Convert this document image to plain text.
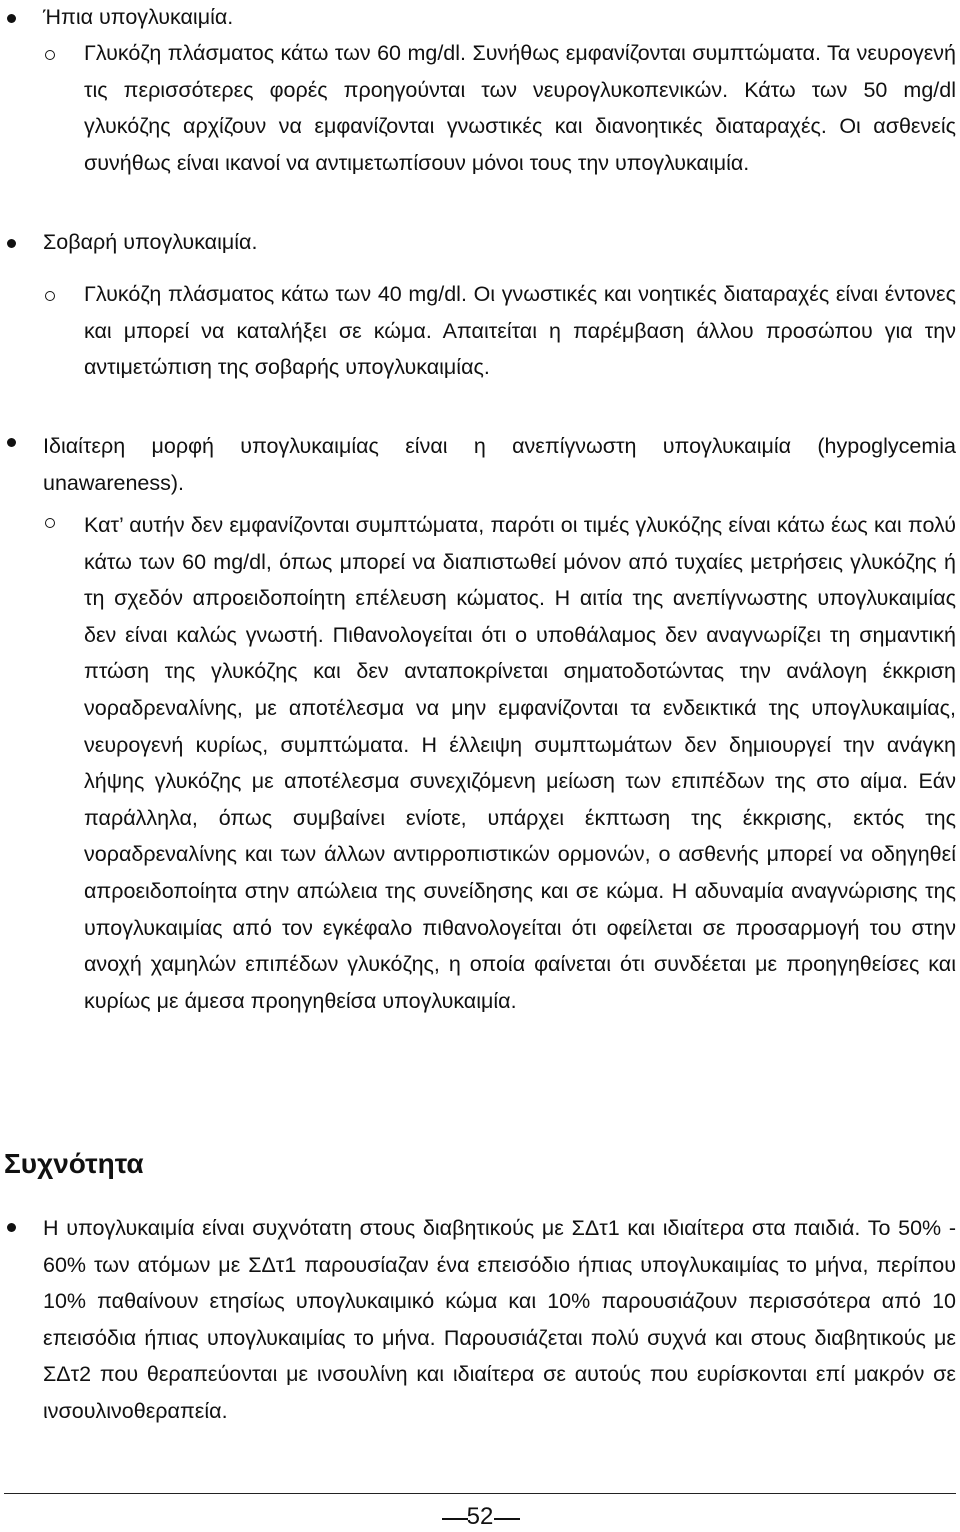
Ήπια υπογλυκαιμία.

Γλυκόζη πλάσματος κάτω των 60 mg/dl. Συνήθως εμφανίζονται συμπτώματα. Τα νευρογενή τις περισσότερες φορές προηγούνται των νευρογλυκοπενικών. Κάτω των 50 mg/dl γλυκόζης αρχίζουν να εμφανίζονται γνωστικές και διανοητικές διαταραχές. Οι ασθενείς συνήθως είναι ικανοί να αντιμετωπίσουν μόνοι τους την υπογλυκαιμία.

Σοβαρή υπογλυκαιμία.

Γλυκόζη πλάσματος κάτω των 40 mg/dl. Οι γνωστικές και νοητικές διαταραχές είναι έντονες και μπορεί να καταλήξει σε κώμα. Απαιτείται η παρέμβαση άλλου προσώπου για την αντιμετώπιση της σοβαρής υπογλυκαιμίας.

Ιδιαίτερη μορφή υπογλυκαιμίας είναι η ανεπίγνωστη υπογλυκαιμία (hypoglycemia unawareness).

Κατ’ αυτήν δεν εμφανίζονται συμπτώματα, παρότι οι τιμές γλυκόζης είναι κάτω έως και πολύ κάτω των 60 mg/dl, όπως μπορεί να διαπιστωθεί μόνον από τυχαίες μετρήσεις γλυκόζης ή τη σχεδόν απροειδοποίητη επέλευση κώματος. Η αιτία της ανεπίγνωστης υπογλυκαιμίας δεν είναι καλώς γνωστή. Πιθανολογείται ότι ο υποθάλαμος δεν αναγνωρίζει τη σημαντική πτώση της γλυκόζης και δεν ανταποκρίνεται σηματοδοτώντας την ανάλογη έκκριση νοραδρεναλίνης, με αποτέλεσμα να μην εμφανίζονται τα ενδεικτικά της υπογλυκαιμίας, νευρογενή κυρίως, συμπτώματα. Η έλλειψη συμπτωμάτων δεν δημιουργεί την ανάγκη λήψης γλυκόζης με αποτέλεσμα συνεχιζόμενη μείωση των επιπέδων της στο αίμα. Εάν παράλληλα, όπως συμβαίνει ενίοτε, υπάρχει έκπτωση της έκκρισης, εκτός της νοραδρεναλίνης και των άλλων αντιρροπιστικών ορμονών, ο ασθενής μπορεί να οδηγηθεί απροειδοποίητα στην απώλεια της συνείδησης και σε κώμα. Η αδυναμία αναγνώρισης της υπογλυκαιμίας από τον εγκέφαλο πιθανολογείται ότι οφείλεται σε προσαρμογή του στην ανοχή χαμηλών επιπέδων γλυκόζης, η οποία φαίνεται ότι συνδέεται με προηγηθείσες και κυρίως με άμεσα προηγηθείσα υπογλυκαιμία.

Συχνότητα

Η υπογλυκαιμία είναι συχνότατη στους διαβητικούς με ΣΔτ1 και ιδιαίτερα στα παιδιά. Το 50% - 60% των ατόμων με ΣΔτ1 παρουσίαζαν ένα επεισόδιο ήπιας υπογλυκαιμίας το μήνα, περίπου 10% παθαίνουν ετησίως υπογλυκαιμικό κώμα και 10% παρουσιάζουν περισσότερα από 10 επεισόδια ήπιας υπογλυκαιμίας το μήνα. Παρουσιάζεται πολύ συχνά και στους διαβητικούς με ΣΔτ2 που θεραπεύονται με ινσουλίνη και ιδιαίτερα σε αυτούς που ευρίσκονται επί μακρόν σε ινσουλινοθεραπεία.

52
